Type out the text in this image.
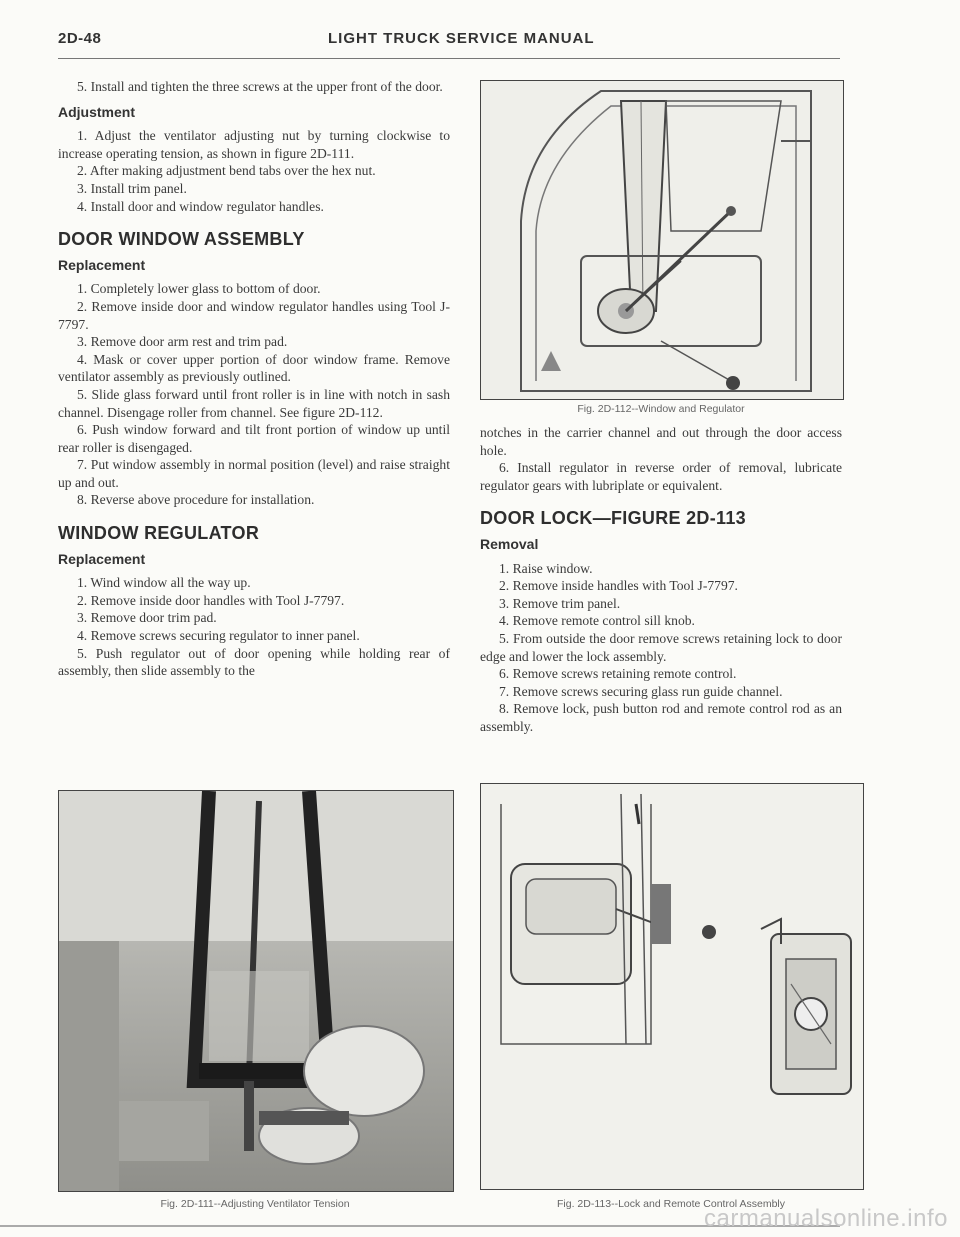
2D-48	LIGHT TRUCK SERVICE MANUAL

5. Install and tighten the three screws at the upper front of the door.

Adjustment

1. Adjust the ventilator adjusting nut by turning clockwise to increase operating tension, as shown in figure 2D-111.

2. After making adjustment bend tabs over the hex nut.

3. Install trim panel.

4. Install door and window regulator handles.

DOOR WINDOW ASSEMBLY
Replacement

1. Completely lower glass to bottom of door.

2. Remove inside door and window regulator handles using Tool J-7797.

3. Remove door arm rest and trim pad.

4. Mask or cover upper portion of door window frame. Remove ventilator assembly as previously outlined.

5. Slide glass forward until front roller is in line with notch in sash channel. Disengage roller from channel. See figure 2D-112.

6. Push window forward and tilt front portion of window up until rear roller is disengaged.

7. Put window assembly in normal position (level) and raise straight up and out.

8. Reverse above procedure for installation.

WINDOW REGULATOR
Replacement

1. Wind window all the way up.

2. Remove inside door handles with Tool J-7797.

3. Remove door trim pad.

4. Remove screws securing regulator to inner panel.

5. Push regulator out of door opening while holding rear of assembly, then slide assembly to the

Fig. 2D-112--Window and Regulator

notches in the carrier channel and out through the door access hole.

6. Install regulator in reverse order of removal, lubricate regulator gears with lubriplate or equivalent.

DOOR LOCK—FIGURE 2D-113
Removal

1. Raise window.

2. Remove inside handles with Tool J-7797.

3. Remove trim panel.

4. Remove remote control sill knob.

5. From outside the door remove screws retaining lock to door edge and lower the lock assembly.

6. Remove screws retaining remote control.

7. Remove screws securing glass run guide channel.

8. Remove lock, push button rod and remote control rod as an assembly.

Fig. 2D-111--Adjusting Ventilator Tension	Fig. 2D-113--Lock and Remote Control Assembly
carmanualsonline.info
